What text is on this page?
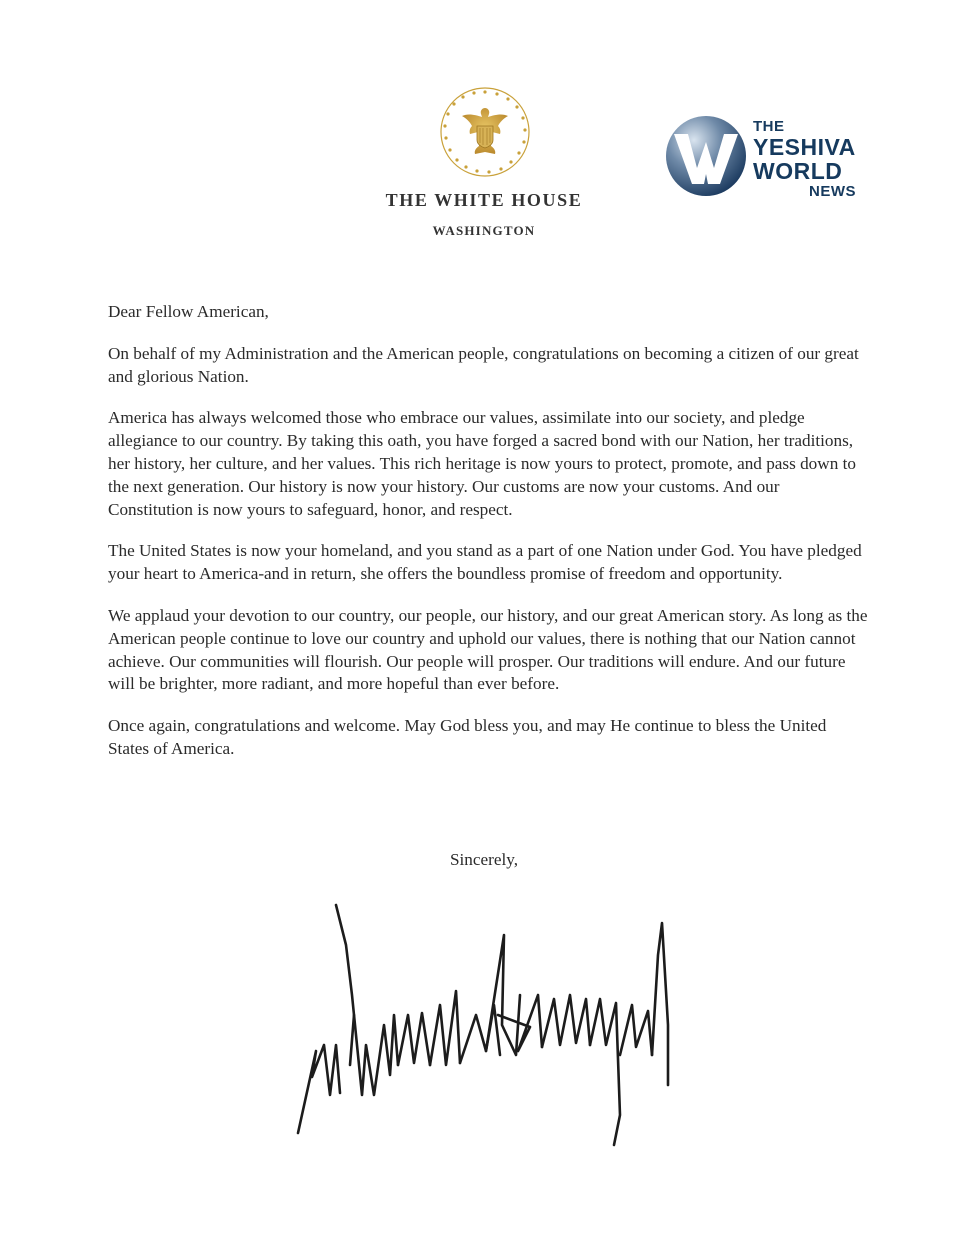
THE WHITE HOUSE
WASHINGTON
THE
YESHIVA
WORLD
NEWS

Dear Fellow American,

On behalf of my Administration and the American people, congratulations on becoming a citizen of our great and glorious Nation.

America has always welcomed those who embrace our values, assimilate into our society, and pledge allegiance to our country. By taking this oath, you have forged a sacred bond with our Nation, her traditions, her history, her culture, and her values. This rich heritage is now yours to protect, promote, and pass down to the next generation. Our history is now your history. Our customs are now your customs. And our Constitution is now yours to safeguard, honor, and respect.

The United States is now your homeland, and you stand as a part of one Nation under God. You have pledged your heart to America-and in return, she offers the boundless promise of freedom and opportunity.

We applaud your devotion to our country, our people, our history, and our great American story. As long as the American people continue to love our country and uphold our values, there is nothing that our Nation cannot achieve. Our communities will flourish. Our people will prosper. Our traditions will endure. And our future will be brighter, more radiant, and more hopeful than ever before.

Once again, congratulations and welcome. May God bless you, and may He continue to bless the United States of America.

Sincerely,
